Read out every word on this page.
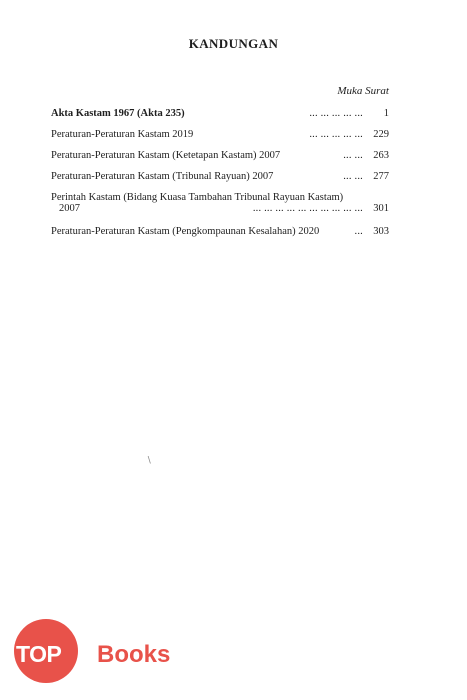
KANDUNGAN
Muka Surat
Akta Kastam 1967 (Akta 235)	... ... ... ... ...	1
Peraturan-Peraturan Kastam 2019	... ... ... ... ... 229
Peraturan-Peraturan Kastam (Ketetapan Kastam) 2007	... ... 263
Peraturan-Peraturan Kastam (Tribunal Rayuan) 2007	... ... 277
Perintah Kastam (Bidang Kuasa Tambahan Tribunal Rayuan Kastam)
2007	... ... ... ... ... ... ... ... ... ... 301
Peraturan-Peraturan Kastam (Pengkompaunan Kesalahan) 2020	... 303
∖
TOP Books
